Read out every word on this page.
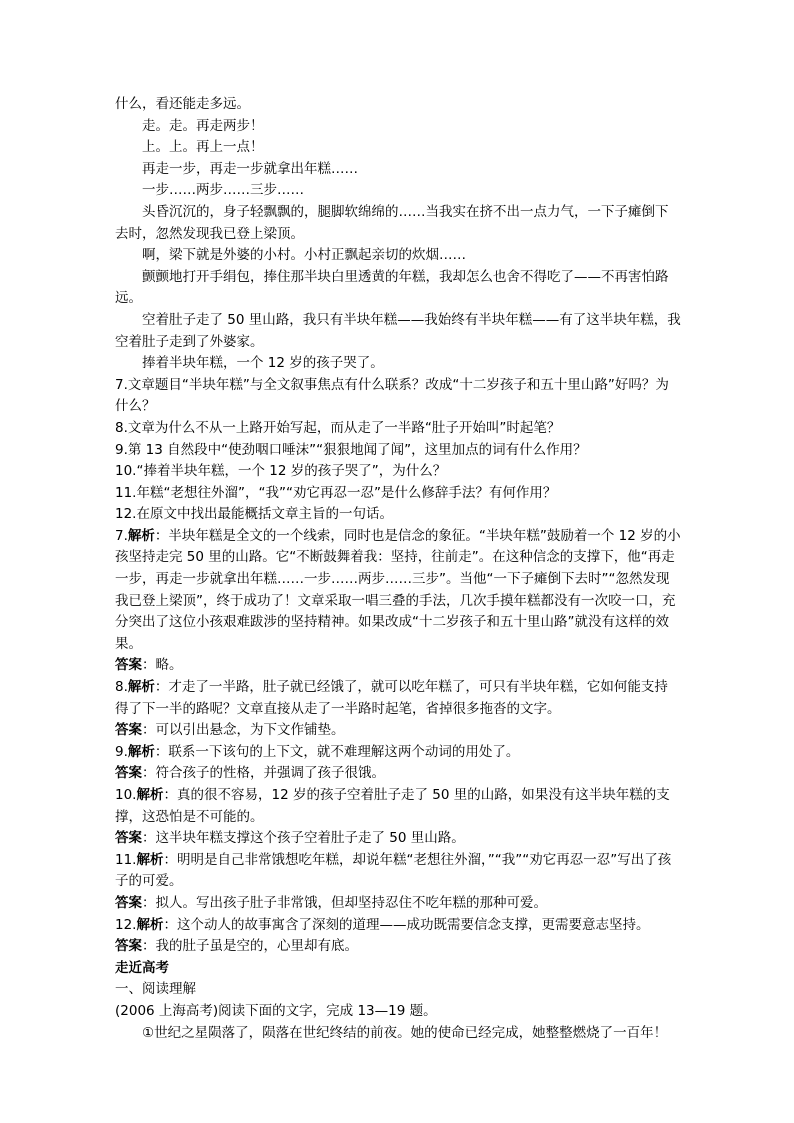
什么，看还能走多远。
走。走。再走两步！
上。上。再上一点！
再走一步，再走一步就拿出年糕……
一步……两步……三步……
头昏沉沉的，身子轻飘飘的，腿脚软绵绵的……当我实在挤不出一点力气，一下子瘫倒下去时，忽然发现我已登上梁顶。
啊，梁下就是外婆的小村。小村正飘起亲切的炊烟……
颤颤地打开手绢包，捧住那半块白里透黄的年糕，我却怎么也舍不得吃了——不再害怕路远。
空着肚子走了 50 里山路，我只有半块年糕——我始终有半块年糕——有了这半块年糕，我空着肚子走到了外婆家。
捧着半块年糕，一个 12 岁的孩子哭了。
7.文章题目“半块年糕”与全文叙事焦点有什么联系？改成“十二岁孩子和五十里山路”好吗？为什么？
8.文章为什么不从一上路开始写起，而从走了一半路“肚子开始叫”时起笔？
9.第 13 自然段中“使劲咽口唾沫”“狠狠地闻了闻”，这里加点的词有什么作用？
10.“捧着半块年糕，一个 12 岁的孩子哭了”，为什么？
11.年糕“老想往外溜”，“我”“劝它再忍一忍”是什么修辞手法？有何作用？
12.在原文中找出最能概括文章主旨的一句话。
7.解析：半块年糕是全文的一个线索，同时也是信念的象征。“半块年糕”鼓励着一个 12 岁的小孩坚持走完 50 里的山路。它“不断鼓舞着我：坚持，往前走”。在这种信念的支撑下，他“再走一步，再走一步就拿出年糕……一步……两步……三步”。当他“一下子瘫倒下去时”“忽然发现我已登上梁顶”，终于成功了！文章采取一唱三叠的手法，几次手摸年糕都没有一次咬一口，充分突出了这位小孩艰难跋涉的坚持精神。如果改成“十二岁孩子和五十里山路”就没有这样的效果。
答案：略。
8.解析：才走了一半路，肚子就已经饿了，就可以吃年糕了，可只有半块年糕，它如何能支持得了下一半的路呢？文章直接从走了一半路时起笔，省掉很多拖沓的文字。
答案：可以引出悬念，为下文作铺垫。
9.解析：联系一下该句的上下文，就不难理解这两个动词的用处了。
答案：符合孩子的性格，并强调了孩子很饿。
10.解析：真的很不容易，12 岁的孩子空着肚子走了 50 里的山路，如果没有这半块年糕的支撑，这恐怕是不可能的。
答案：这半块年糕支撑这个孩子空着肚子走了 50 里山路。
11.解析：明明是自己非常饿想吃年糕，却说年糕“老想往外溜，”“我”“劝它再忍一忍”写出了孩子的可爱。
答案：拟人。写出孩子肚子非常饿，但却坚持忍住不吃年糕的那种可爱。
12.解析：这个动人的故事寓含了深刻的道理——成功既需要信念支撑，更需要意志坚持。
答案：我的肚子虽是空的，心里却有底。
走近高考
一、阅读理解
(2006 上海高考)阅读下面的文字，完成 13—19 题。
①世纪之星陨落了，陨落在世纪终结的前夜。她的使命已经完成，她整整燃烧了一百年！
